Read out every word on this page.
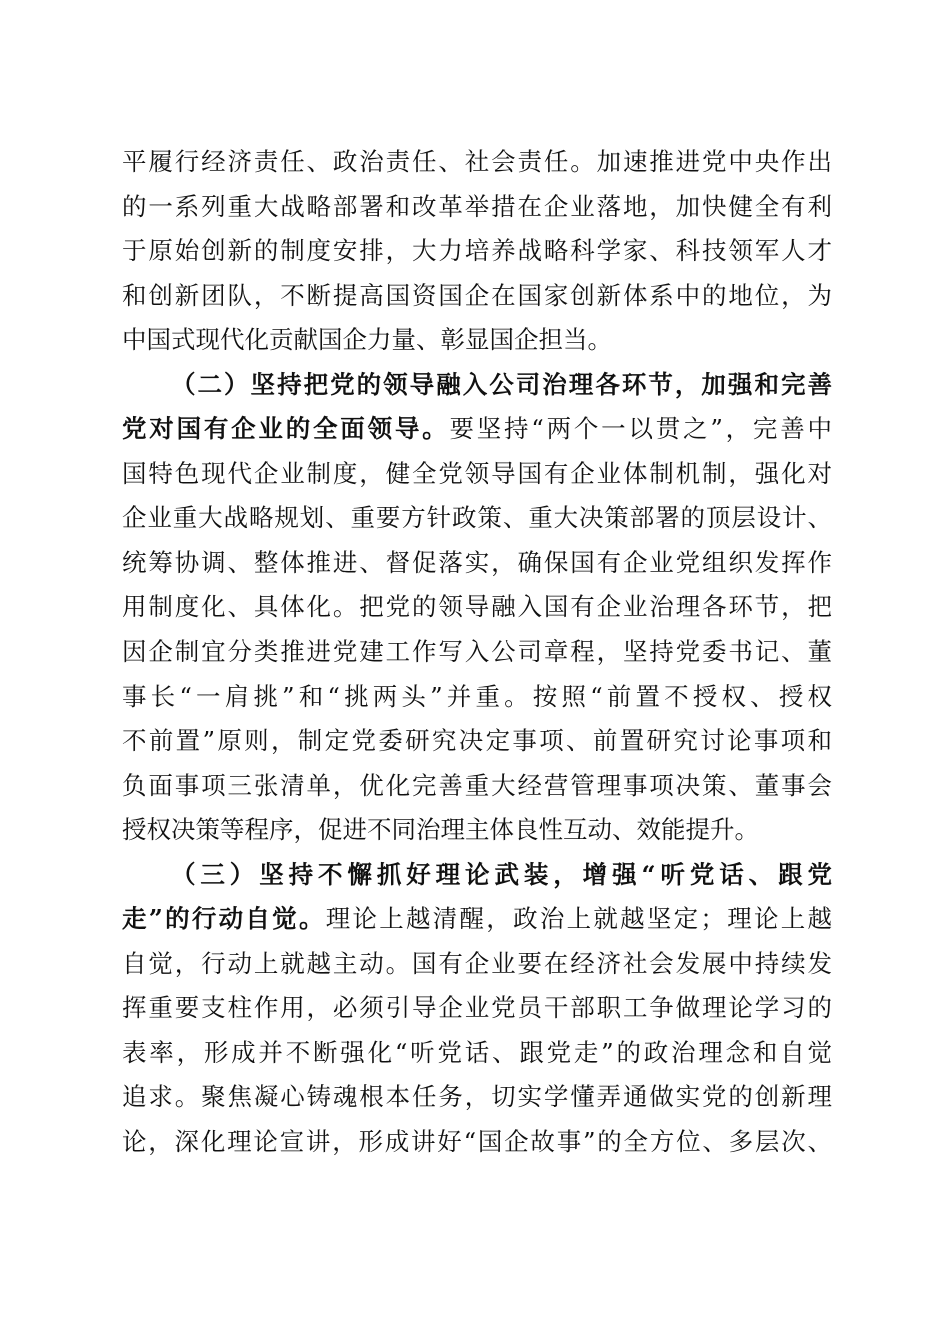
平履行经济责任、政治责任、社会责任。加速推进党中央作出
的一系列重大战略部署和改革举措在企业落地，加快健全有利
于原始创新的制度安排，大力培养战略科学家、科技领军人才
和创新团队，不断提高国资国企在国家创新体系中的地位，为
中国式现代化贡献国企力量、彰显国企担当。
（二）坚持把党的领导融入公司治理各环节，加强和完善
党对国有企业的全面领导。要坚持“两个一以贯之”，完善中
国特色现代企业制度，健全党领导国有企业体制机制，强化对
企业重大战略规划、重要方针政策、重大决策部署的顶层设计、
统筹协调、整体推进、督促落实，确保国有企业党组织发挥作
用制度化、具体化。把党的领导融入国有企业治理各环节，把
因企制宜分类推进党建工作写入公司章程，坚持党委书记、董
事长“一肩挑”和“挑两头”并重。按照“前置不授权、授权
不前置”原则，制定党委研究决定事项、前置研究讨论事项和
负面事项三张清单，优化完善重大经营管理事项决策、董事会
授权决策等程序，促进不同治理主体良性互动、效能提升。
（三）坚持不懈抓好理论武装，增强“听党话、跟党
走”的行动自觉。理论上越清醒，政治上就越坚定；理论上越
自觉，行动上就越主动。国有企业要在经济社会发展中持续发
挥重要支柱作用，必须引导企业党员干部职工争做理论学习的
表率，形成并不断强化“听党话、跟党走”的政治理念和自觉
追求。聚焦凝心铸魂根本任务，切实学懂弄通做实党的创新理
论，深化理论宣讲，形成讲好“国企故事”的全方位、多层次、
